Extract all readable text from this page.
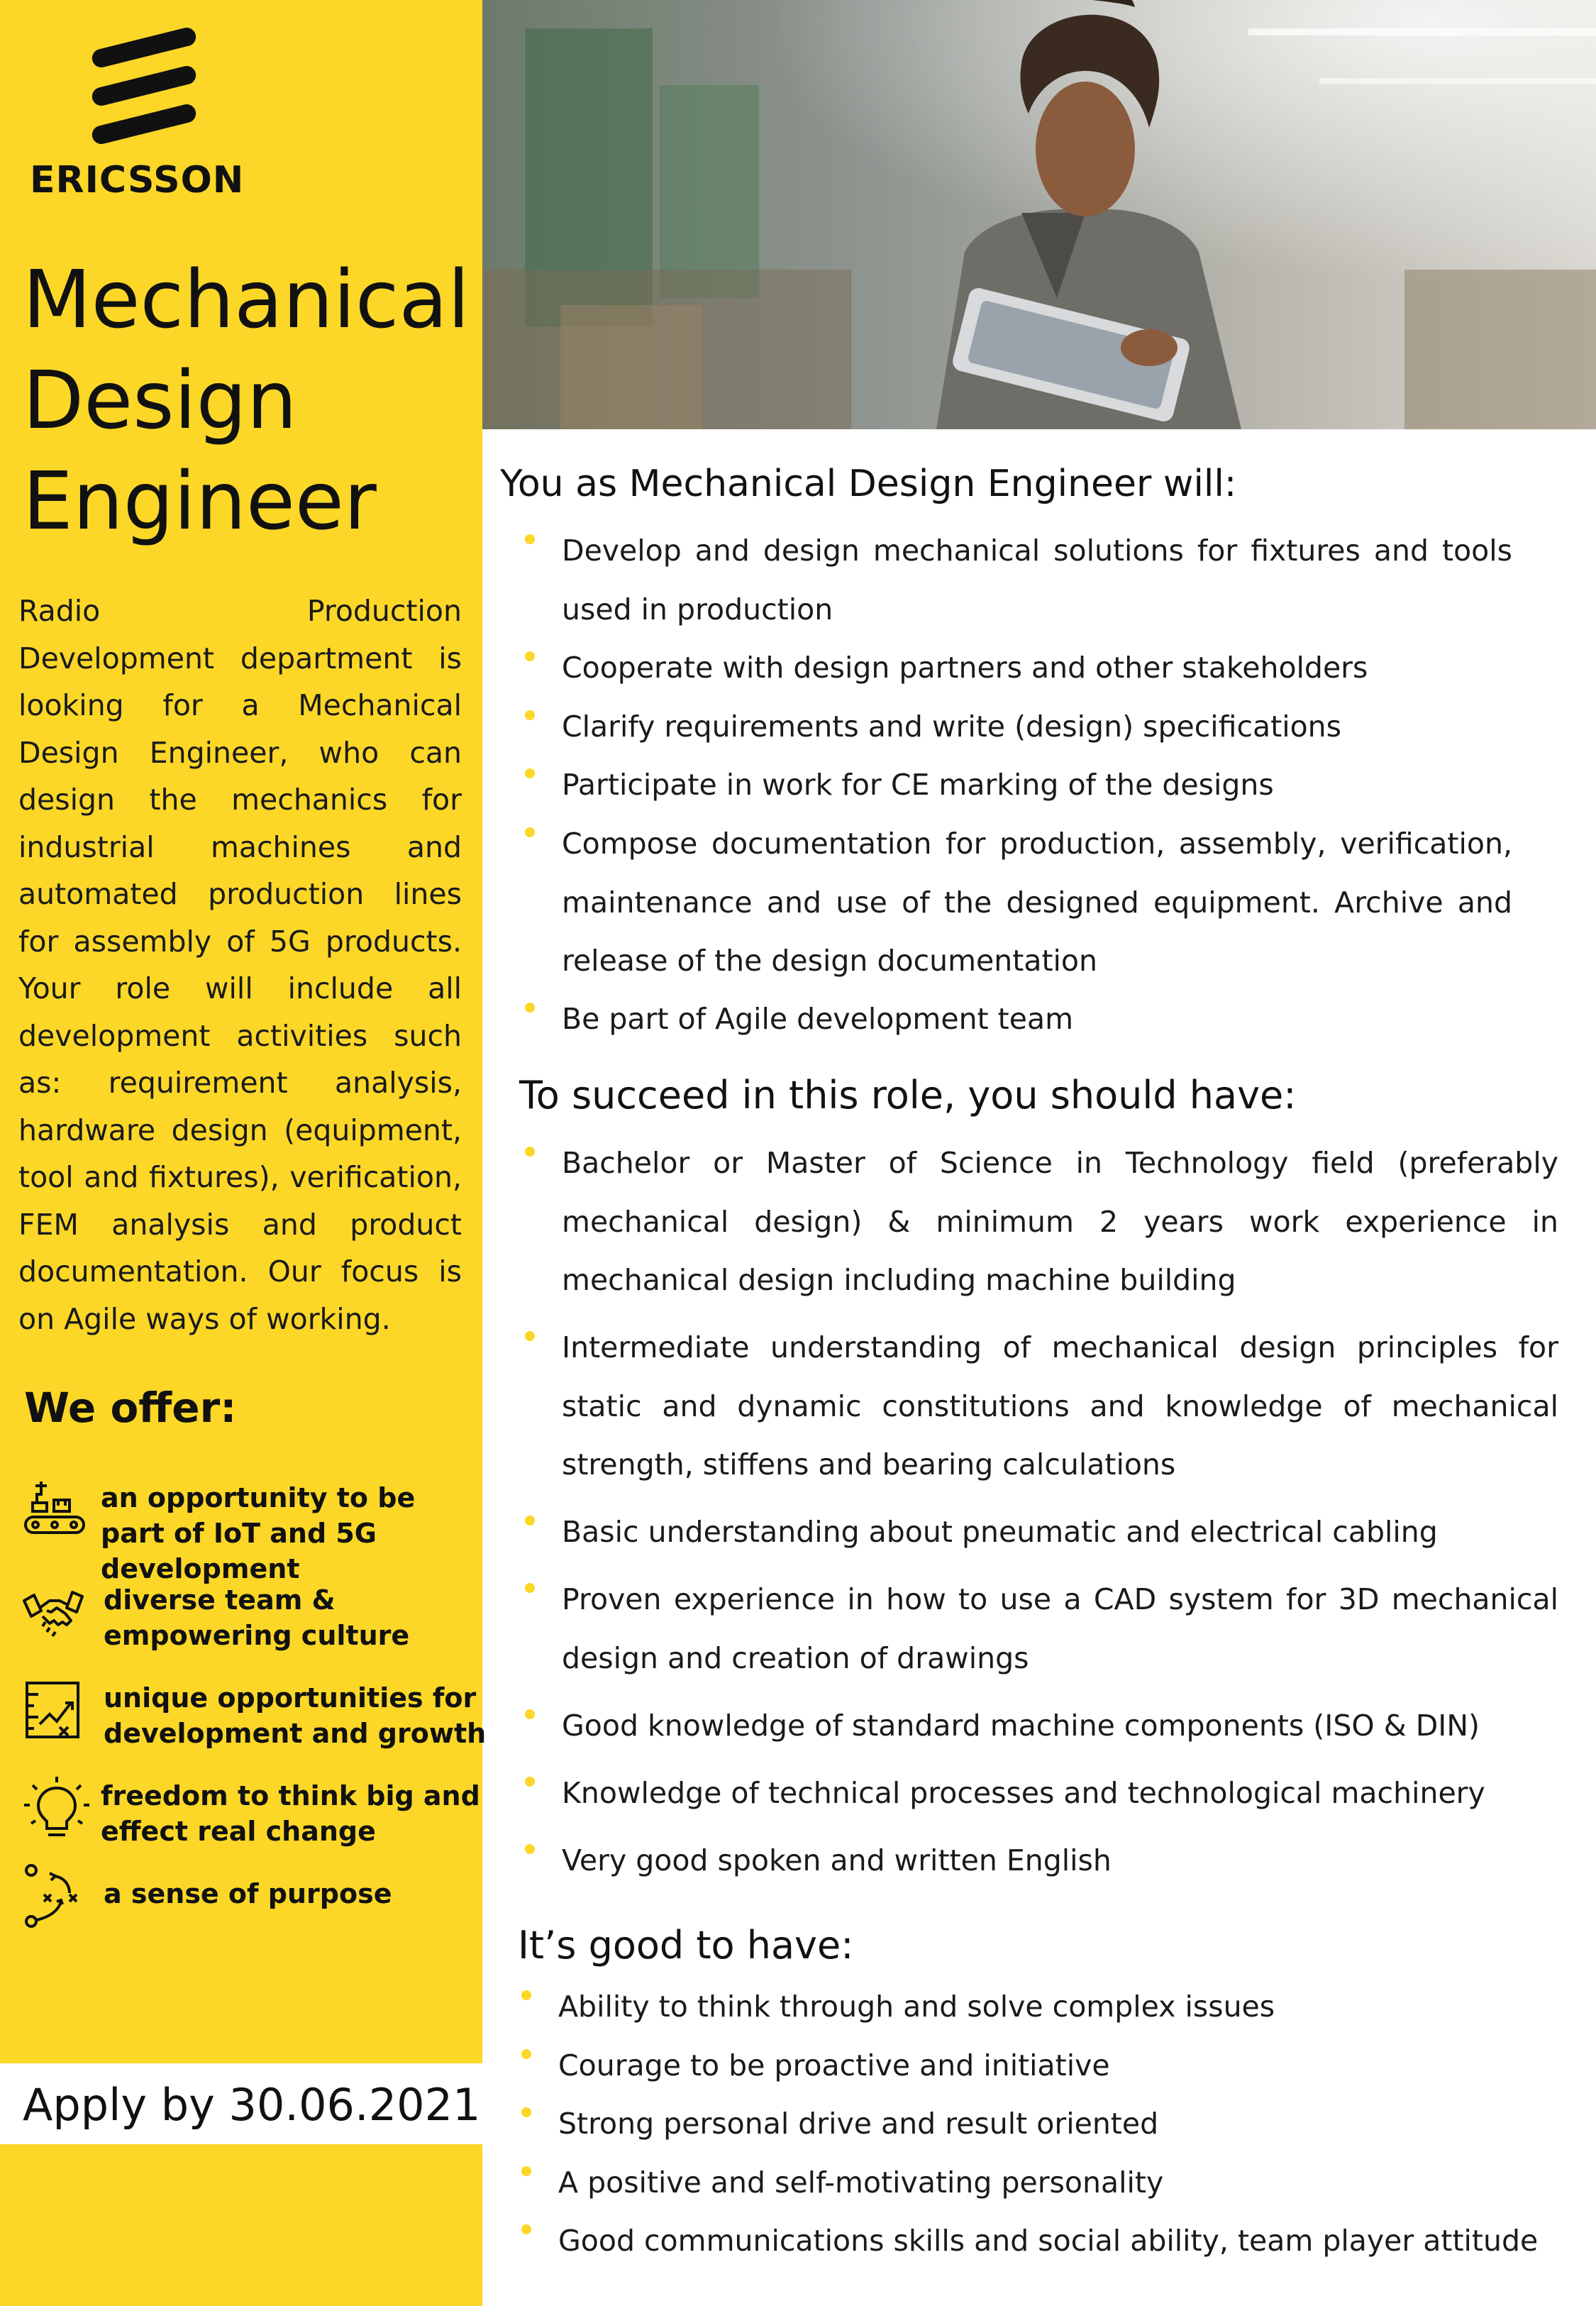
ERICSSON
Mechanical Design Engineer

Radio Production Development department is looking for a Mechanical Design Engineer, who can design the mechanics for industrial machines and automated production lines for assembly of 5G products. Your role will include all development activities such as: requirement analysis, hardware design (equipment, tool and fixtures), verification, FEM analysis and product documentation. Our focus is on Agile ways of working.

We offer:
an opportunity to be part of IoT and 5G development
diverse team & empowering culture
unique opportunities for development and growth
freedom to think big and effect real change
a sense of purpose
Apply by 30.06.2021
You as Mechanical Design Engineer will:
Develop and design mechanical solutions for fixtures and tools used in production
Cooperate with design partners and other stakeholders
Clarify requirements and write (design) specifications
Participate in work for CE marking of the designs
Compose documentation for production, assembly, verification, maintenance and use of the designed equipment. Archive and release of the design documentation
Be part of Agile development team
To succeed in this role, you should have:
Bachelor or Master of Science in Technology field (preferably mechanical design) & minimum 2 years work experience in mechanical design including machine building
Intermediate understanding of mechanical design principles for static and dynamic constitutions and knowledge of mechanical strength, stiffens and bearing calculations
Basic understanding about pneumatic and electrical cabling
Proven experience in how to use a CAD system for 3D mechanical design and creation of drawings
Good knowledge of standard machine components (ISO & DIN)
Knowledge of technical processes and technological machinery
Very good spoken and written English
It’s good to have:
Ability to think through and solve complex issues
Courage to be proactive and initiative
Strong personal drive and result oriented
A positive and self-motivating personality
Good communications skills and social ability, team player attitude
